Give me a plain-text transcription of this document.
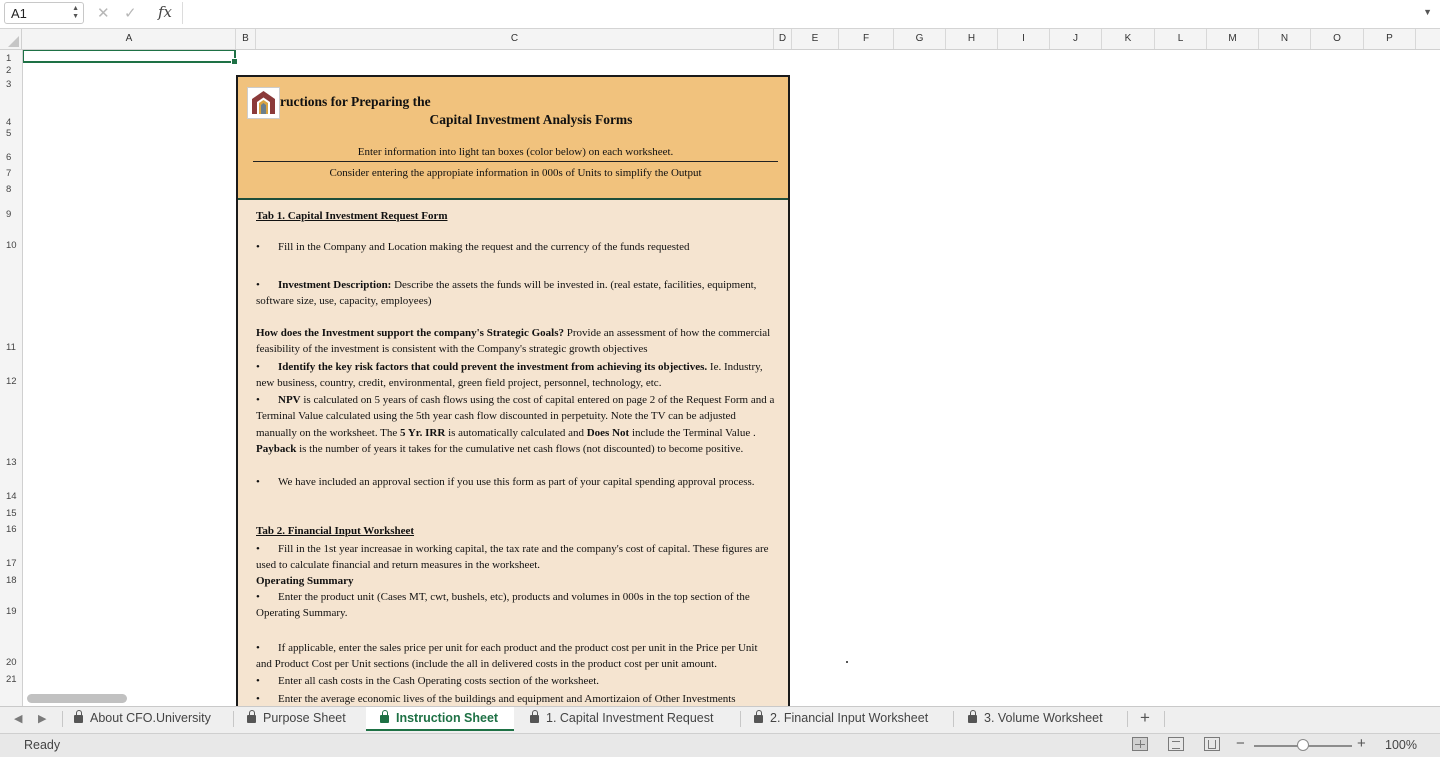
A1	▲
▼ ✕ ✓ fx	▼
A	B	C	D	E	F	G	H	I	J	K	L	M	N	O	P
1
2
3
4
5
6
7
8
9
10
11
12
13
14
15
16
17
18
19
20
21
ructions for Preparing the
Capital Investment Analysis Forms
Enter information into light tan boxes (color below) on each worksheet.
Consider entering the appropiate information in 000s of Units to simplify the Output
Tab 1. Capital Investment Request Form
• Fill in the Company and Location making the request and the currency of the funds requested
• Investment Description: Describe the assets the funds will be invested in. (real estate, facilities, equipment, software size, use, capacity, employees)
How does the Investment support the company's Strategic Goals? Provide an assessment of how the commercial feasibility of the investment is consistent with the Company's strategic growth objectives
• Identify the key risk factors that could prevent the investment from achieving its objectives. Ie. Industry, new business, country, credit, environmental, green field project, personnel, technology, etc.
• NPV is calculated on 5 years of cash flows using the cost of capital entered on page 2 of the Request Form and a Terminal Value calculated using the 5th year cash flow discounted in perpetuity. Note the TV can be adjusted manually on the worksheet. The 5 Yr. IRR is automatically calculated and Does Not include the Terminal Value . Payback is the number of years it takes for the cumulative net cash flows (not discounted) to become positive.
• We have included an approval section if you use this form as part of your capital spending approval process.
Tab 2. Financial Input Worksheet
• Fill in the 1st year increasae in working capital, the tax rate and the company's cost of capital. These figures are used to calculate financial and return measures in the worksheet.
Operating Summary
• Enter the product unit (Cases MT, cwt, bushels, etc), products and volumes in 000s in the top section of the Operating Summary.
• If applicable, enter the sales price per unit for each product and the product cost per unit in the Price per Unit and Product Cost per Unit sections (include the all in delivered costs in the product cost per unit amount.
• Enter all cash costs in the Cash Operating costs section of the worksheet.
• Enter the average economic lives of the buildings and equipment and Amortizaion of Other Investments
◀ ▶	About CFO.University	Purpose Sheet	Instruction Sheet	1. Capital Investment Request	2. Financial Input Worksheet	3. Volume Worksheet +
Ready	−	+ 100%
